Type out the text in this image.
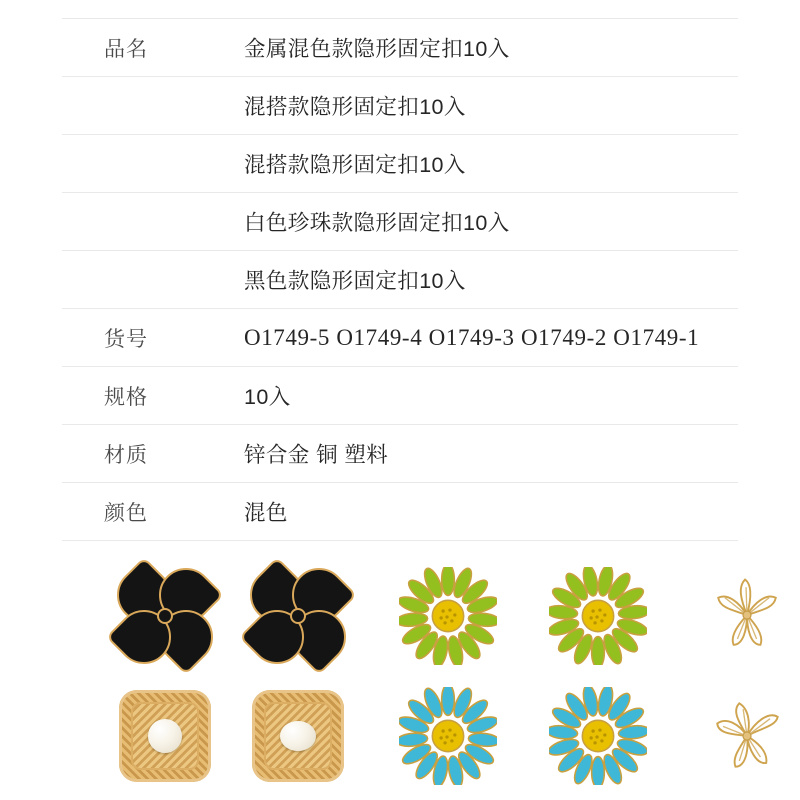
品名	金属混色款隐形固定扣10入
	混搭款隐形固定扣10入
	混搭款隐形固定扣10入
	白色珍珠款隐形固定扣10入
	黑色款隐形固定扣10入
货号	O1749-5 O1749-4 O1749-3 O1749-2 O1749-1
规格	10入
材质	锌合金 铜 塑料
颜色	混色
